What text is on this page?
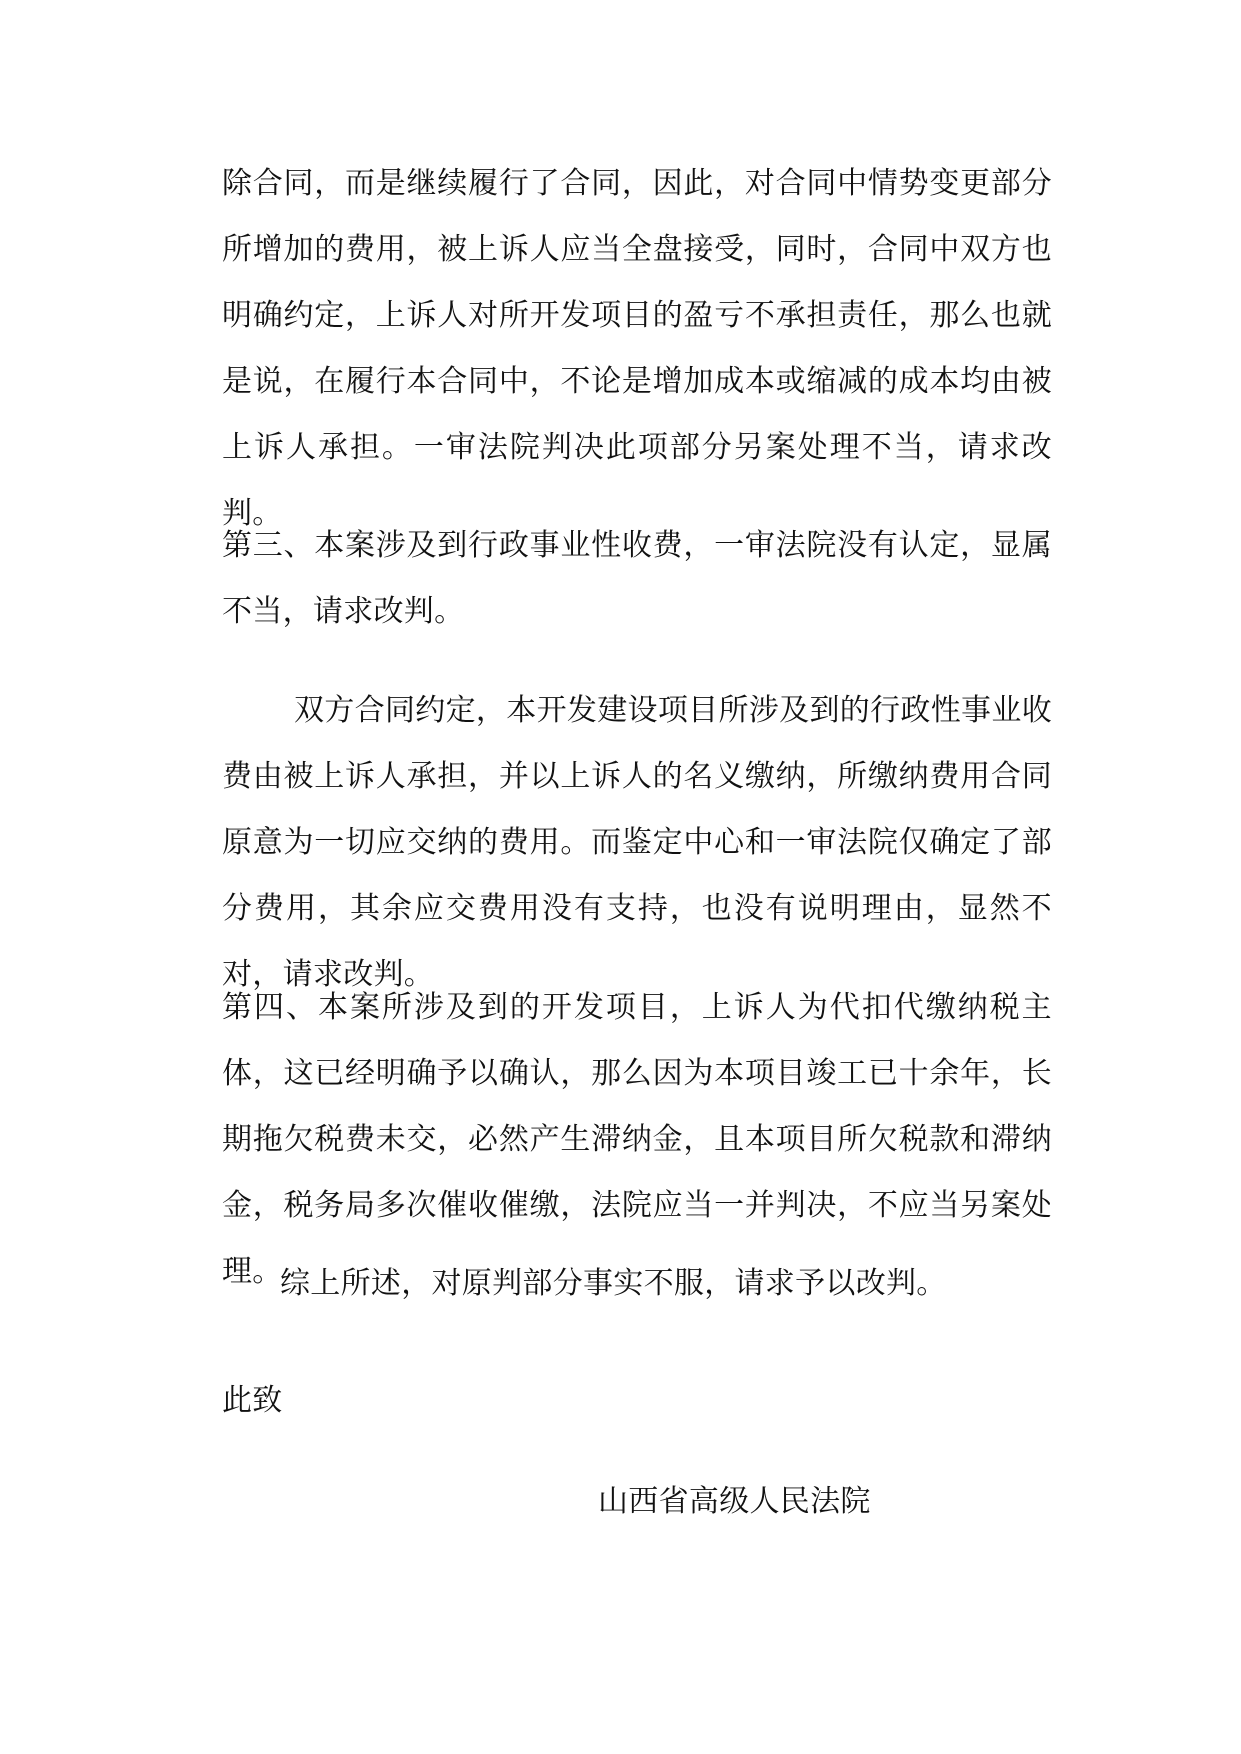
除合同，而是继续履行了合同，因此，对合同中情势变更部分所增加的费用，被上诉人应当全盘接受，同时，合同中双方也明确约定，上诉人对所开发项目的盈亏不承担责任，那么也就是说，在履行本合同中，不论是增加成本或缩减的成本均由被上诉人承担。一审法院判决此项部分另案处理不当，请求改判。

第三、本案涉及到行政事业性收费，一审法院没有认定，显属不当，请求改判。

双方合同约定，本开发建设项目所涉及到的行政性事业收费由被上诉人承担，并以上诉人的名义缴纳，所缴纳费用合同原意为一切应交纳的费用。而鉴定中心和一审法院仅确定了部分费用，其余应交费用没有支持，也没有说明理由，显然不对，请求改判。

第四、本案所涉及到的开发项目，上诉人为代扣代缴纳税主体，这已经明确予以确认，那么因为本项目竣工已十余年，长期拖欠税费未交，必然产生滞纳金，且本项目所欠税款和滞纳金，税务局多次催收催缴，法院应当一并判决，不应当另案处理。

综上所述，对原判部分事实不服，请求予以改判。

此致

山西省高级人民法院
